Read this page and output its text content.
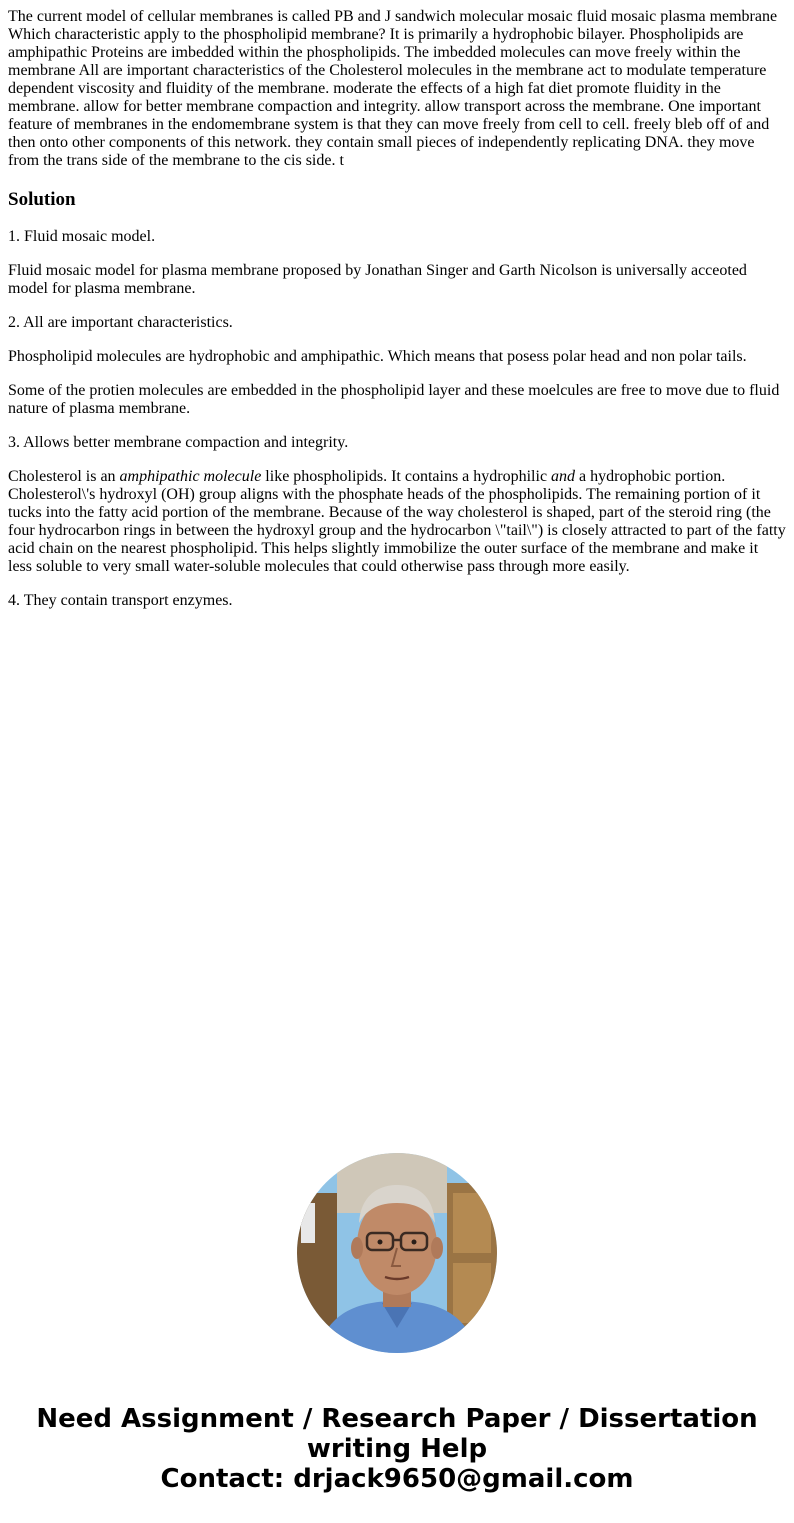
The current model of cellular membranes is called PB and J sandwich molecular mosaic fluid mosaic plasma membrane Which characteristic apply to the phospholipid membrane? It is primarily a hydrophobic bilayer. Phospholipids are amphipathic Proteins are imbedded within the phospholipids. The imbedded molecules can move freely within the membrane All are important characteristics of the Cholesterol molecules in the membrane act to modulate temperature dependent viscosity and fluidity of the membrane. moderate the effects of a high fat diet promote fluidity in the membrane. allow for better membrane compaction and integrity. allow transport across the membrane. One important feature of membranes in the endomembrane system is that they can move freely from cell to cell. freely bleb off of and then onto other components of this network. they contain small pieces of independently replicating DNA. they move from the trans side of the membrane to the cis side. t
Solution

1. Fluid mosaic model.

Fluid mosaic model for plasma membrane proposed by Jonathan Singer and Garth Nicolson is universally acceoted model for plasma membrane.

2. All are important characteristics.

Phospholipid molecules are hydrophobic and amphipathic. Which means that posess polar head and non polar tails.

Some of the protien molecules are embedded in the phospholipid layer and these moelcules are free to move due to fluid nature of plasma membrane.

3. Allows better membrane compaction and integrity.

Cholesterol is an amphipathic molecule like phospholipids. It contains a hydrophilic and a hydrophobic portion. Cholesterol\'s hydroxyl (OH) group aligns with the phosphate heads of the phospholipids. The remaining portion of it tucks into the fatty acid portion of the membrane. Because of the way cholesterol is shaped, part of the steroid ring (the four hydrocarbon rings in between the hydroxyl group and the hydrocarbon \"tail\") is closely attracted to part of the fatty acid chain on the nearest phospholipid. This helps slightly immobilize the outer surface of the membrane and make it less soluble to very small water-soluble molecules that could otherwise pass through more easily.

4. They contain transport enzymes.

Need Assignment / Research Paper / Dissertation
writing Help
Contact: drjack9650@gmail.com
